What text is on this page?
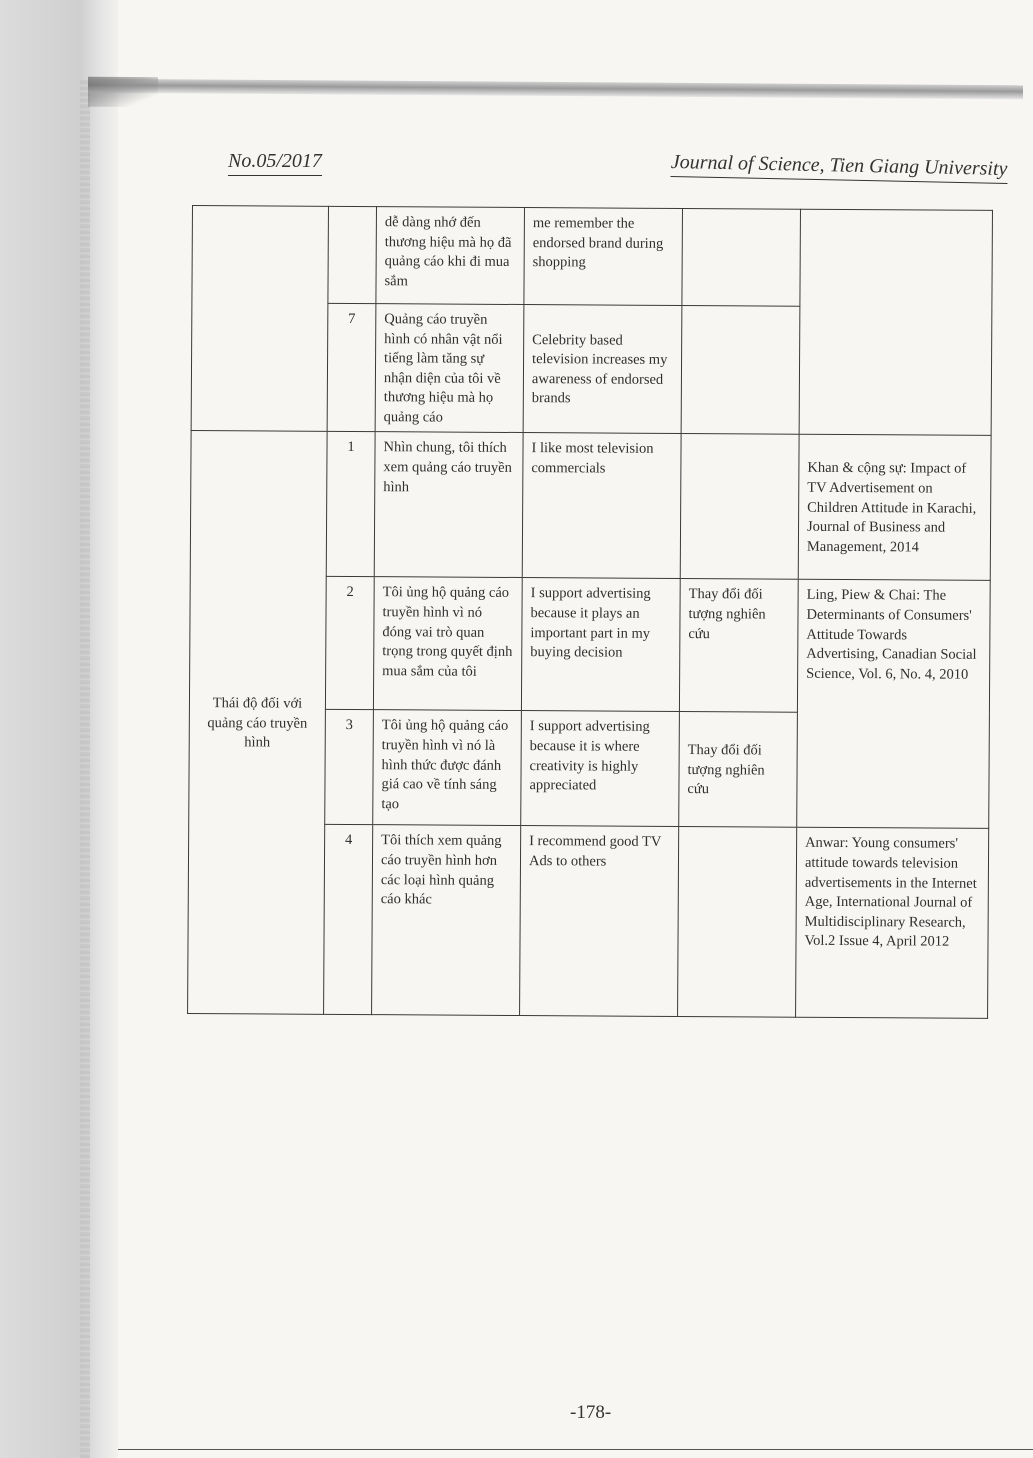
No.05/2017	Journal of Science, Tien Giang University
		dễ dàng nhớ đến thương hiệu mà họ đã quảng cáo khi đi mua sắm	me remember the endorsed brand during shopping		
	7	Quảng cáo truyền hình có nhân vật nổi tiếng làm tăng sự nhận diện của tôi về thương hiệu mà họ quảng cáo	Celebrity based television increases my awareness of endorsed brands		
Thái độ đối với quảng cáo truyền hình	1	Nhìn chung, tôi thích xem quảng cáo truyền hình	I like most television commercials		Khan & cộng sự: Impact of TV Advertisement on Children Attitude in Karachi, Journal of Business and Management, 2014
	2	Tôi ủng hộ quảng cáo truyền hình vì nó đóng vai trò quan trọng trong quyết định mua sắm của tôi	I support advertising because it plays an important part in my buying decision	Thay đổi đối tượng nghiên cứu	Ling, Piew & Chai: The Determinants of Consumers' Attitude Towards Advertising, Canadian Social Science, Vol. 6, No. 4, 2010
	3	Tôi ủng hộ quảng cáo truyền hình vì nó là hình thức được đánh giá cao về tính sáng tạo	I support advertising because it is where creativity is highly appreciated	Thay đổi đối tượng nghiên cứu	
	4	Tôi thích xem quảng cáo truyền hình hơn các loại hình quảng cáo khác	I recommend good TV Ads to others		Anwar: Young consumers' attitude towards television advertisements in the Internet Age, International Journal of Multidisciplinary Research, Vol.2 Issue 4, April 2012
-178-
